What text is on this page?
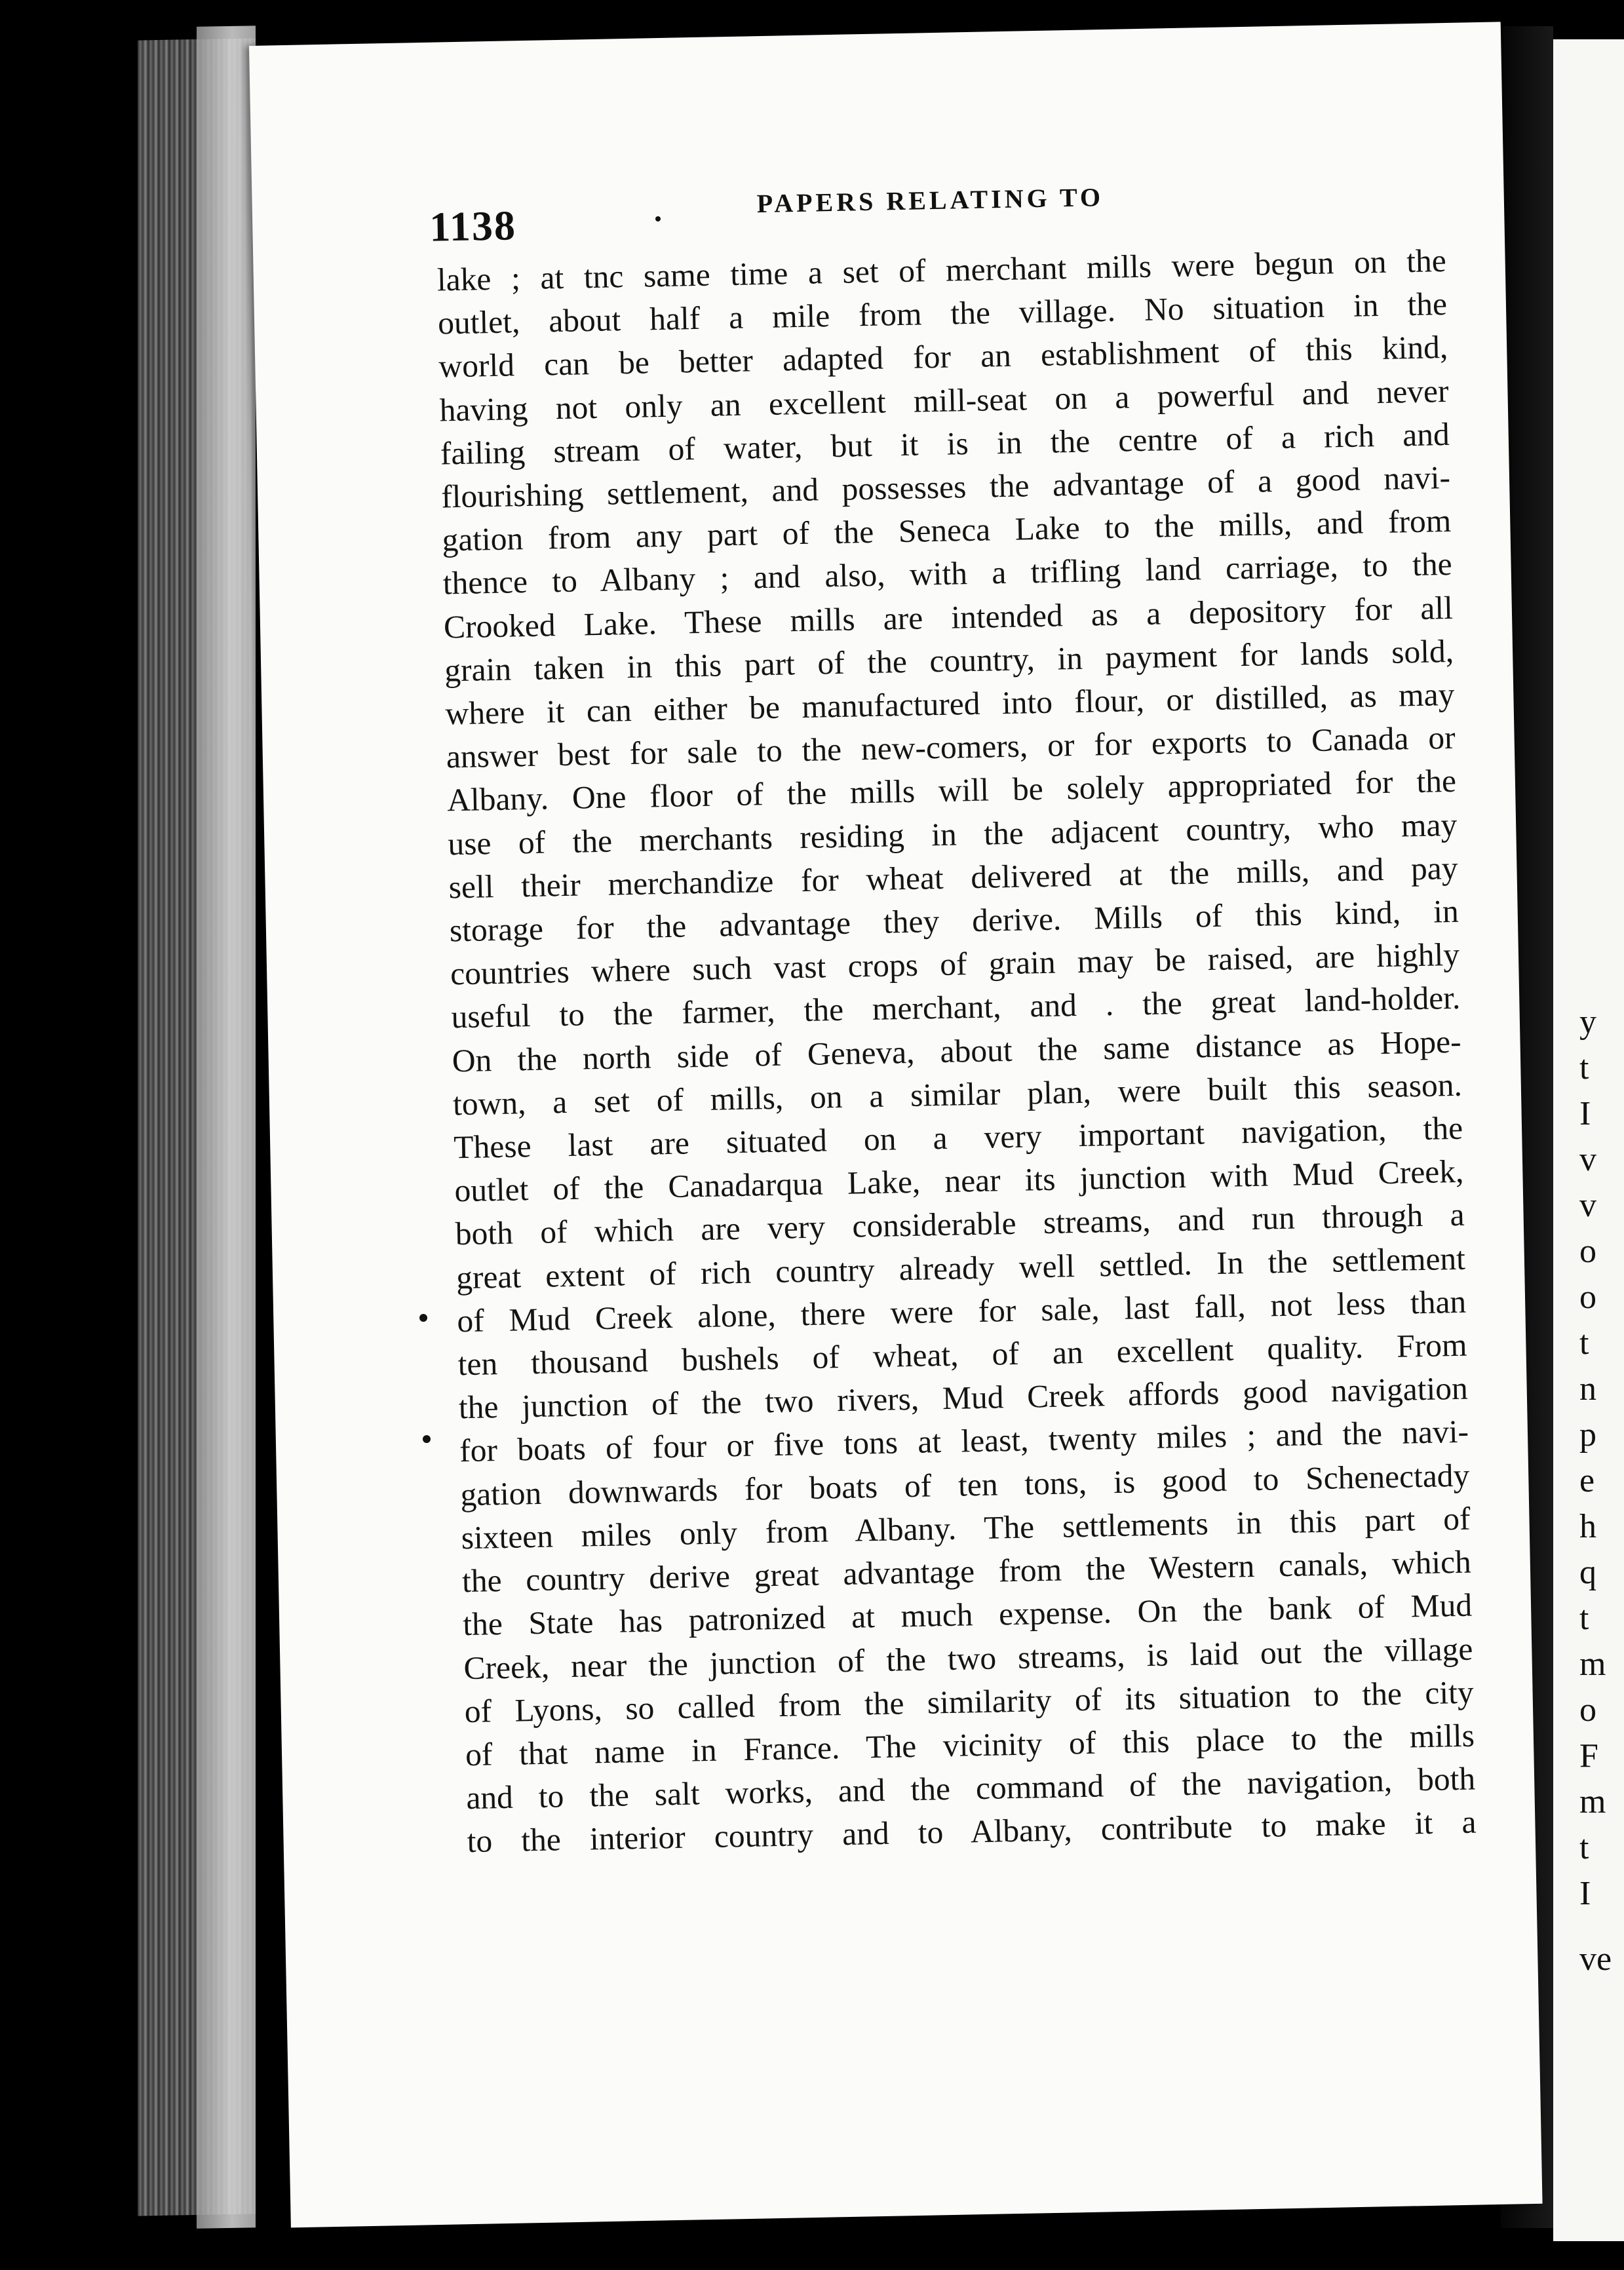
y
t
I
v
v
o
o
t
n
p
e
h
q
t
m
o
F
m
t
I
ve
1138
PAPERS RELATING TO
lake ; at tnc same time a set of merchant mills were begun on the
outlet, about half a mile from the village. No situation in the
world can be better adapted for an establishment of this kind,
having not only an excellent mill-seat on a powerful and never
failing stream of water, but it is in the centre of a rich and
flourishing settlement, and possesses the advantage of a good navi-
gation from any part of the Seneca Lake to the mills, and from
thence to Albany ; and also, with a trifling land carriage, to the
Crooked Lake. These mills are intended as a depository for all
grain taken in this part of the country, in payment for lands sold,
where it can either be manufactured into flour, or distilled, as may
answer best for sale to the new-comers, or for exports to Canada or
Albany. One floor of the mills will be solely appropriated for the
use of the merchants residing in the adjacent country, who may
sell their merchandize for wheat delivered at the mills, and pay
storage for the advantage they derive. Mills of this kind, in
countries where such vast crops of grain may be raised, are highly
useful to the farmer, the merchant, and . the great land-holder.
On the north side of Geneva, about the same distance as Hope-
town, a set of mills, on a similar plan, were built this season.
These last are situated on a very important navigation, the
outlet of the Canadarqua Lake, near its junction with Mud Creek,
both of which are very considerable streams, and run through a
great extent of rich country already well settled. In the settlement
of Mud Creek alone, there were for sale, last fall, not less than
ten thousand bushels of wheat, of an excellent quality. From
the junction of the two rivers, Mud Creek affords good navigation
for boats of four or five tons at least, twenty miles ; and the navi-
gation downwards for boats of ten tons, is good to Schenectady
sixteen miles only from Albany. The settlements in this part of
the country derive great advantage from the Western canals, which
the State has patronized at much expense. On the bank of Mud
Creek, near the junction of the two streams, is laid out the village
of Lyons, so called from the similarity of its situation to the city
of that name in France. The vicinity of this place to the mills
and to the salt works, and the command of the navigation, both
to the interior country and to Albany, contribute to make it a
